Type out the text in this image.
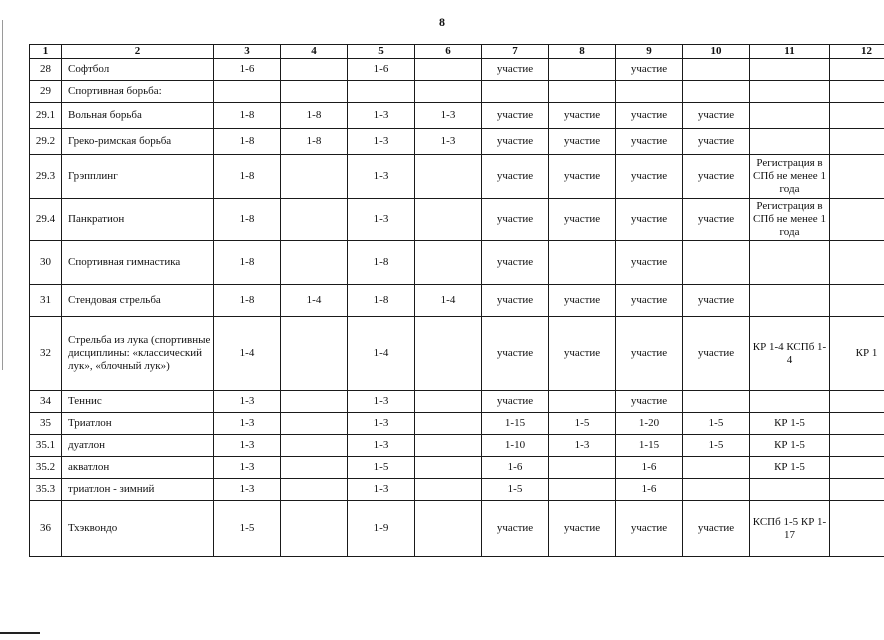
8
1	2	3	4	5	6	7	8	9	10	11	12
28	Софтбол	1-6		1-6		участие		участие			
29	Спортивная борьба:										
29.1	Вольная борьба	1-8	1-8	1-3	1-3	участие	участие	участие	участие		
29.2	Греко-римская борьба	1-8	1-8	1-3	1-3	участие	участие	участие	участие		
29.3	Грэпплинг	1-8		1-3		участие	участие	участие	участие	Регистрация в СПб не менее 1 года	
29.4	Панкратион	1-8		1-3		участие	участие	участие	участие	Регистрация в СПб не менее 1 года	
30	Спортивная гимнастика	1-8		1-8		участие		участие			
31	Стендовая стрельба	1-8	1-4	1-8	1-4	участие	участие	участие	участие		
32	Стрельба из лука (спортивные дисциплины: «классический лук», «блочный лук»)	1-4		1-4		участие	участие	участие	участие	КР 1-4 КСПб 1-4	КР 1
34	Теннис	1-3		1-3		участие		участие			
35	Триатлон	1-3		1-3		1-15	1-5	1-20	1-5	КР 1-5	
35.1	дуатлон	1-3		1-3		1-10	1-3	1-15	1-5	КР 1-5	
35.2	акватлон	1-3		1-5		1-6		1-6		КР 1-5	
35.3	триатлон - зимний	1-3		1-3		1-5		1-6			
36	Тхэквондо	1-5		1-9		участие	участие	участие	участие	КСПб 1-5 КР 1-17	
